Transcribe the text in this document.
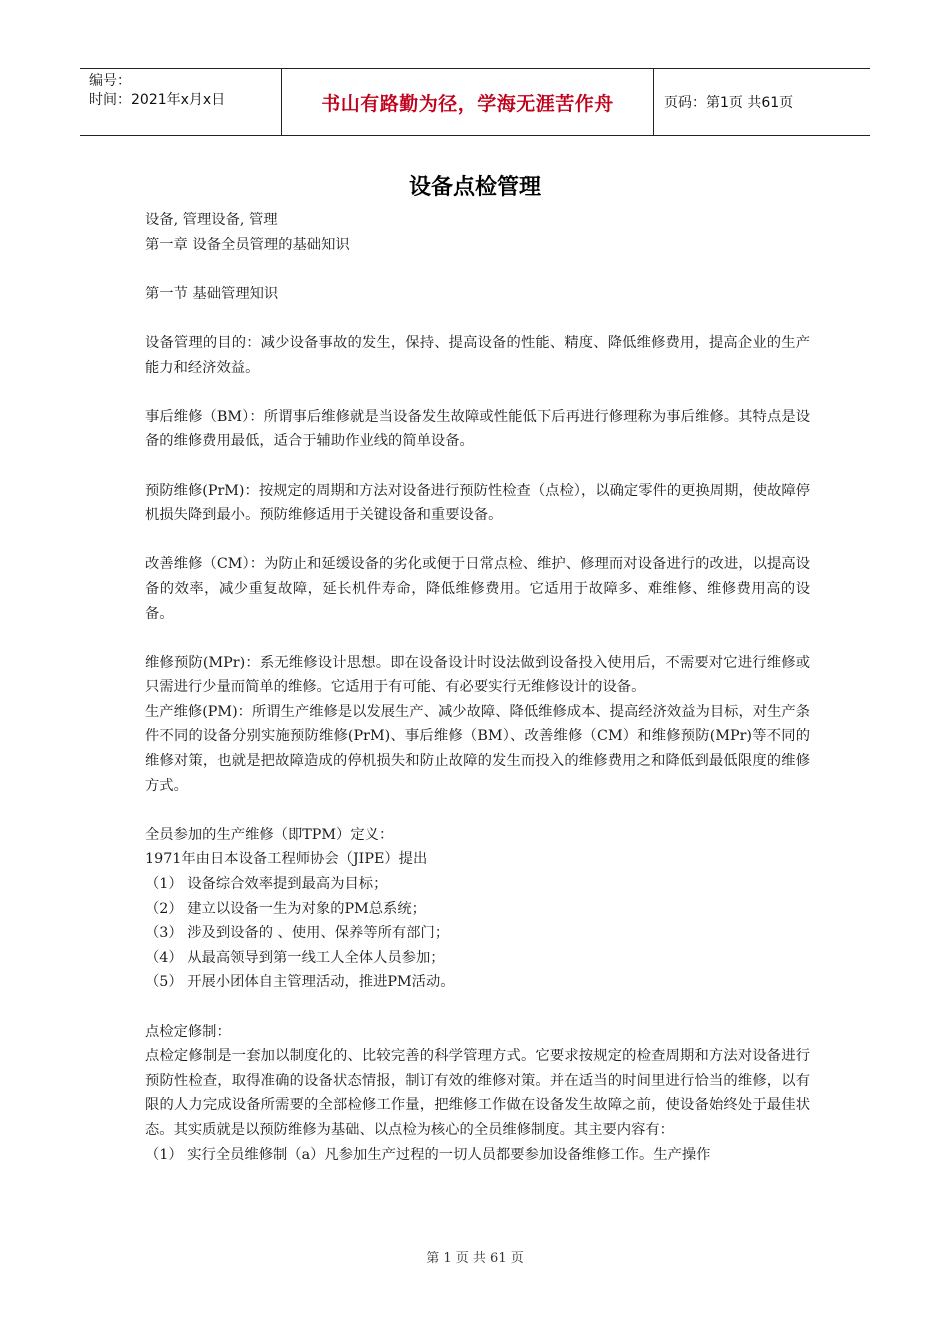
编号：
时间：2021年x月x日	书山有路勤为径，学海无涯苦作舟	页码：第1页 共61页
设备点检管理

设备, 管理设备, 管理

第一章 设备全员管理的基础知识

第一节 基础管理知识

设备管理的目的：减少设备事故的发生，保持、提高设备的性能、精度、降低维修费用，提高企业的生产能力和经济效益。

事后维修（BM）：所谓事后维修就是当设备发生故障或性能低下后再进行修理称为事后维修。其特点是设备的维修费用最低，适合于辅助作业线的简单设备。

预防维修(PrM)：按规定的周期和方法对设备进行预防性检查（点检），以确定零件的更换周期，使故障停机损失降到最小。预防维修适用于关键设备和重要设备。

改善维修（CM）：为防止和延缓设备的劣化或便于日常点检、维护、修理而对设备进行的改进，以提高设备的效率，减少重复故障，延长机件寿命，降低维修费用。它适用于故障多、难维修、维修费用高的设备。

维修预防(MPr)：系无维修设计思想。即在设备设计时设法做到设备投入使用后，不需要对它进行维修或只需进行少量而简单的维修。它适用于有可能、有必要实行无维修设计的设备。

生产维修(PM)：所谓生产维修是以发展生产、减少故障、降低维修成本、提高经济效益为目标，对生产条件不同的设备分别实施预防维修(PrM)、事后维修（BM）、改善维修（CM）和维修预防(MPr)等不同的维修对策，也就是把故障造成的停机损失和防止故障的发生而投入的维修费用之和降低到最低限度的维修方式。

全员参加的生产维修（即TPM）定义：

1971年由日本设备工程师协会（JIPE）提出

（1） 设备综合效率提到最高为目标；

（2） 建立以设备一生为对象的PM总系统；

（3） 涉及到设备的 、使用、保养等所有部门；

（4） 从最高领导到第一线工人全体人员参加；

（5） 开展小团体自主管理活动，推进PM活动。

点检定修制：

点检定修制是一套加以制度化的、比较完善的科学管理方式。它要求按规定的检查周期和方法对设备进行预防性检查，取得准确的设备状态情报，制订有效的维修对策。并在适当的时间里进行恰当的维修，以有限的人力完成设备所需要的全部检修工作量，把维修工作做在设备发生故障之前，使设备始终处于最佳状态。其实质就是以预防维修为基础、以点检为核心的全员维修制度。其主要内容有：

（1） 实行全员维修制（a）凡参加生产过程的一切人员都要参加设备维修工作。生产操作

第 1 页 共 61 页
